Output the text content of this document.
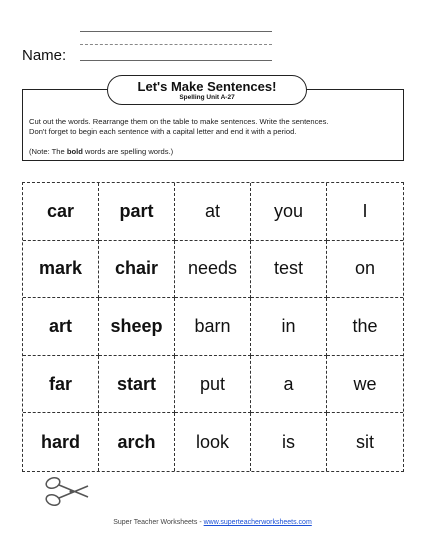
Name:
Let's Make Sentences!
Spelling Unit A-27
Cut out the words. Rearrange them on the table to make sentences. Write the sentences.
Don't forget to begin each sentence with a capital letter and end it with a period.
(Note: The bold words are spelling words.)
car	part	at	you	I
mark	chair	needs	test	on
art	sheep	barn	in	the
far	start	put	a	we
hard	arch	look	is	sit
Super Teacher Worksheets - www.superteacherworksheets.com
